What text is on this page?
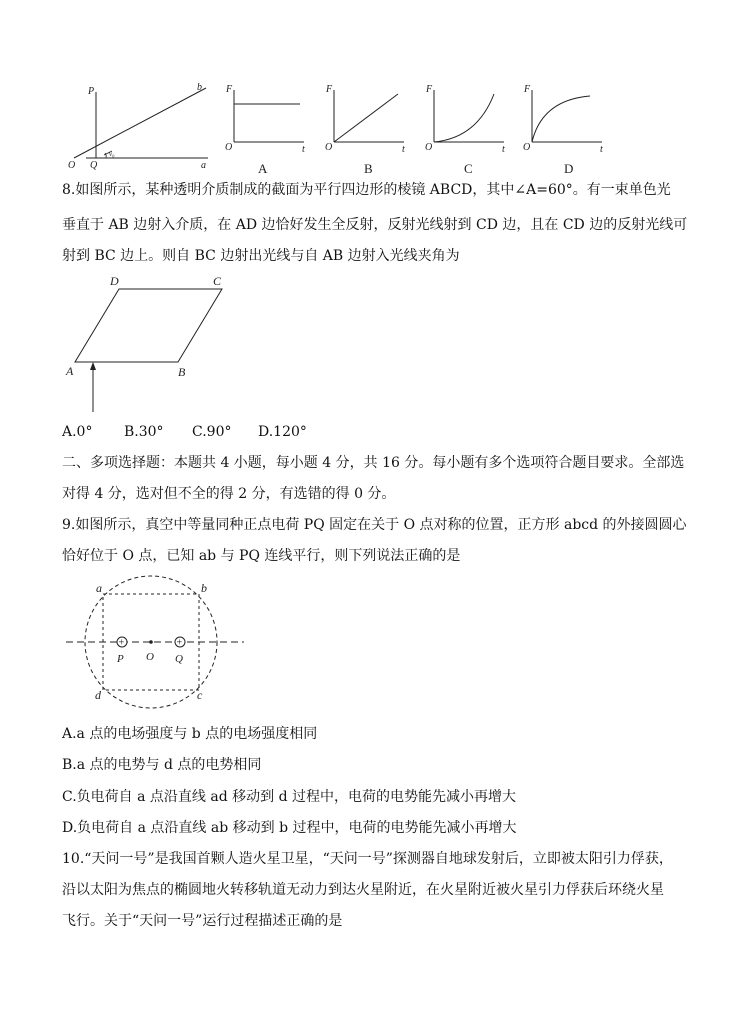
P	b
O Q
v₀
a
F
O	t
A
F
O	t
B
F
O	t
C
F
O	t
D
8.如图所示，某种透明介质制成的截面为平行四边形的棱镜 ABCD，其中∠A=60°。有一束单色光
垂直于 AB 边射入介质，在 AD 边恰好发生全反射，反射光线射到 CD 边，且在 CD 边的反射光线可
射到 BC 边上。则自 BC 边射出光线与自 AB 边射入光线夹角为
D	C
A	B
A.0° B.30° C.90° D.120°
二、多项选择题：本题共 4 小题，每小题 4 分，共 16 分。每小题有多个选项符合题目要求。全部选
对得 4 分，选对但不全的得 2 分，有选错的得 0 分。
9.如图所示，真空中等量同种正点电荷 PQ 固定在关于 O 点对称的位置，正方形 abcd 的外接圆圆心
恰好位于 O 点，已知 ab 与 PQ 连线平行，则下列说法正确的是
+	+
a	b
c
d
P O Q
A.a 点的电场强度与 b 点的电场强度相同
B.a 点的电势与 d 点的电势相同
C.负电荷自 a 点沿直线 ad 移动到 d 过程中，电荷的电势能先减小再增大
D.负电荷自 a 点沿直线 ab 移动到 b 过程中，电荷的电势能先减小再增大
10.“天问一号”是我国首颗人造火星卫星，“天问一号”探测器自地球发射后，立即被太阳引力俘获，
沿以太阳为焦点的椭圆地火转移轨道无动力到达火星附近，在火星附近被火星引力俘获后环绕火星
飞行。关于“天问一号”运行过程描述正确的是
